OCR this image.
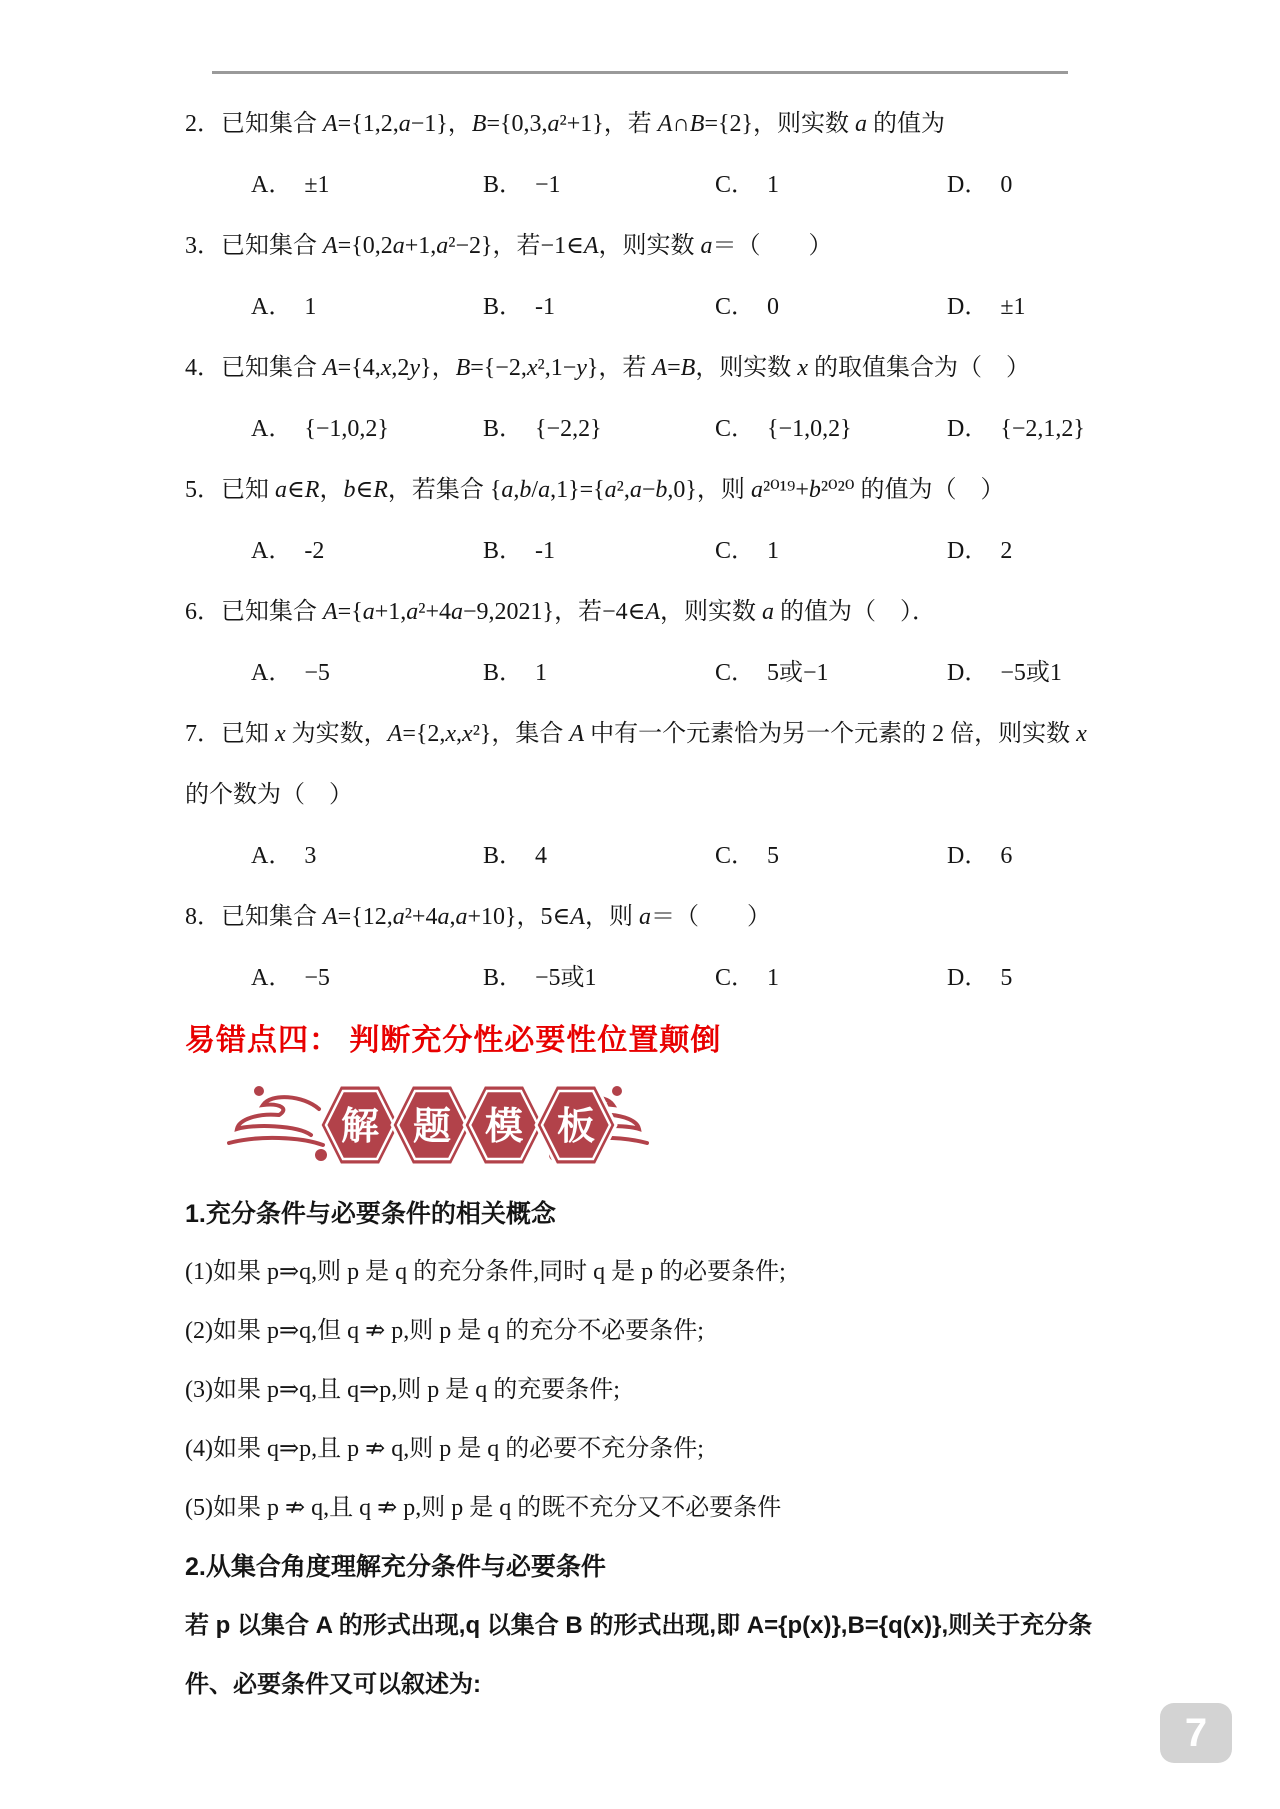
2．已知集合 A={1,2,a−1}，B={0,3,a²+1}，若 A∩B={2}，则实数 a 的值为
A． ±1	B． −1	C． 1	D． 0
3．已知集合 A={0,2a+1,a²−2}，若−1∈A，则实数 a＝（　　）
A． 1	B． -1	C． 0	D． ±1
4．已知集合 A={4,x,2y}，B={−2,x²,1−y}，若 A=B，则实数 x 的取值集合为（　）
A． {−1,0,2}	B． {−2,2}	C． {−1,0,2}	D． {−2,1,2}
5．已知 a∈R，b∈R，若集合 {a,b/a,1}={a²,a−b,0}，则 a²⁰¹⁹+b²⁰²⁰ 的值为（　）
A． -2	B． -1	C． 1	D． 2
6．已知集合 A={a+1,a²+4a−9,2021}，若−4∈A，则实数 a 的值为（　）．
A． −5	B． 1	C． 5或−1	D． −5或1
7．已知 x 为实数，A={2,x,x²}，集合 A 中有一个元素恰为另一个元素的 2 倍，则实数 x
的个数为（　）
A． 3	B． 4	C． 5	D． 6
8．已知集合 A={12,a²+4a,a+10}，5∈A，则 a＝（　　）
A． −5	B． −5或1	C． 1	D． 5
易错点四： 判断充分性必要性位置颠倒
解 题 模 板
1.充分条件与必要条件的相关概念
(1)如果 p⇒q,则 p 是 q 的充分条件,同时 q 是 p 的必要条件;
(2)如果 p⇒q,但 q ⇏ p,则 p 是 q 的充分不必要条件;
(3)如果 p⇒q,且 q⇒p,则 p 是 q 的充要条件;
(4)如果 q⇒p,且 p ⇏ q,则 p 是 q 的必要不充分条件;
(5)如果 p ⇏ q,且 q ⇏ p,则 p 是 q 的既不充分又不必要条件
2.从集合角度理解充分条件与必要条件
若 p 以集合 A 的形式出现,q 以集合 B 的形式出现,即 A={p(x)},B={q(x)},则关于充分条
件、必要条件又可以叙述为:
7
